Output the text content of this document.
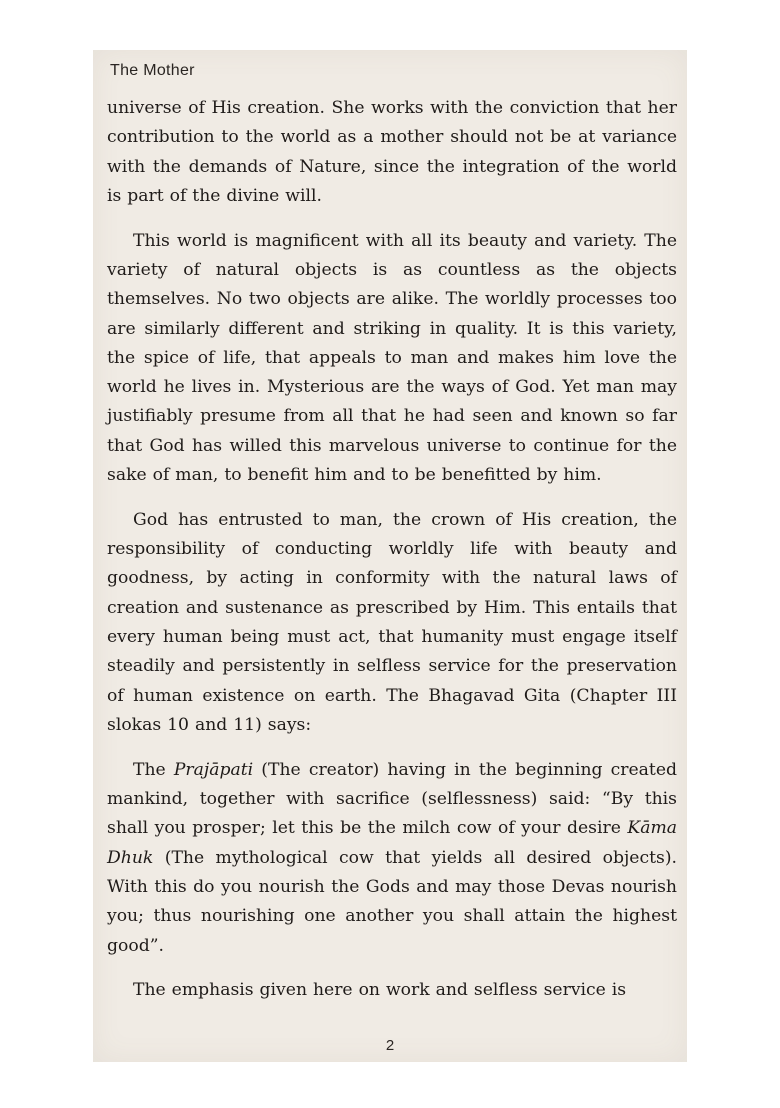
The Mother

universe of His creation. She works with the conviction that her contribution to the world as a mother should not be at variance with the demands of Nature, since the integration of the world is part of the divine will.

This world is magnificent with all its beauty and variety. The variety of natural objects is as countless as the objects themselves. No two objects are alike. The worldly processes too are similarly different and striking in quality. It is this variety, the spice of life, that appeals to man and makes him love the world he lives in. Mysterious are the ways of God. Yet man may justifiably presume from all that he had seen and known so far that God has willed this marvelous universe to continue for the sake of man, to benefit him and to be benefitted by him.

God has entrusted to man, the crown of His creation, the responsibility of conducting worldly life with beauty and goodness, by acting in conformity with the natural laws of creation and sustenance as prescribed by Him. This entails that every human being must act, that humanity must engage itself steadily and persistently in selfless service for the preservation of human existence on earth. The Bhagavad Gita (Chapter III slokas 10 and 11) says:

The Prajāpati (The creator) having in the beginning created mankind, together with sacrifice (selflessness) said: “By this shall you prosper; let this be the milch cow of your desire Kāma Dhuk (The mythological cow that yields all desired objects). With this do you nourish the Gods and may those Devas nourish you; thus nourishing one another you shall attain the highest good”.

The emphasis given here on work and selfless service is

2
